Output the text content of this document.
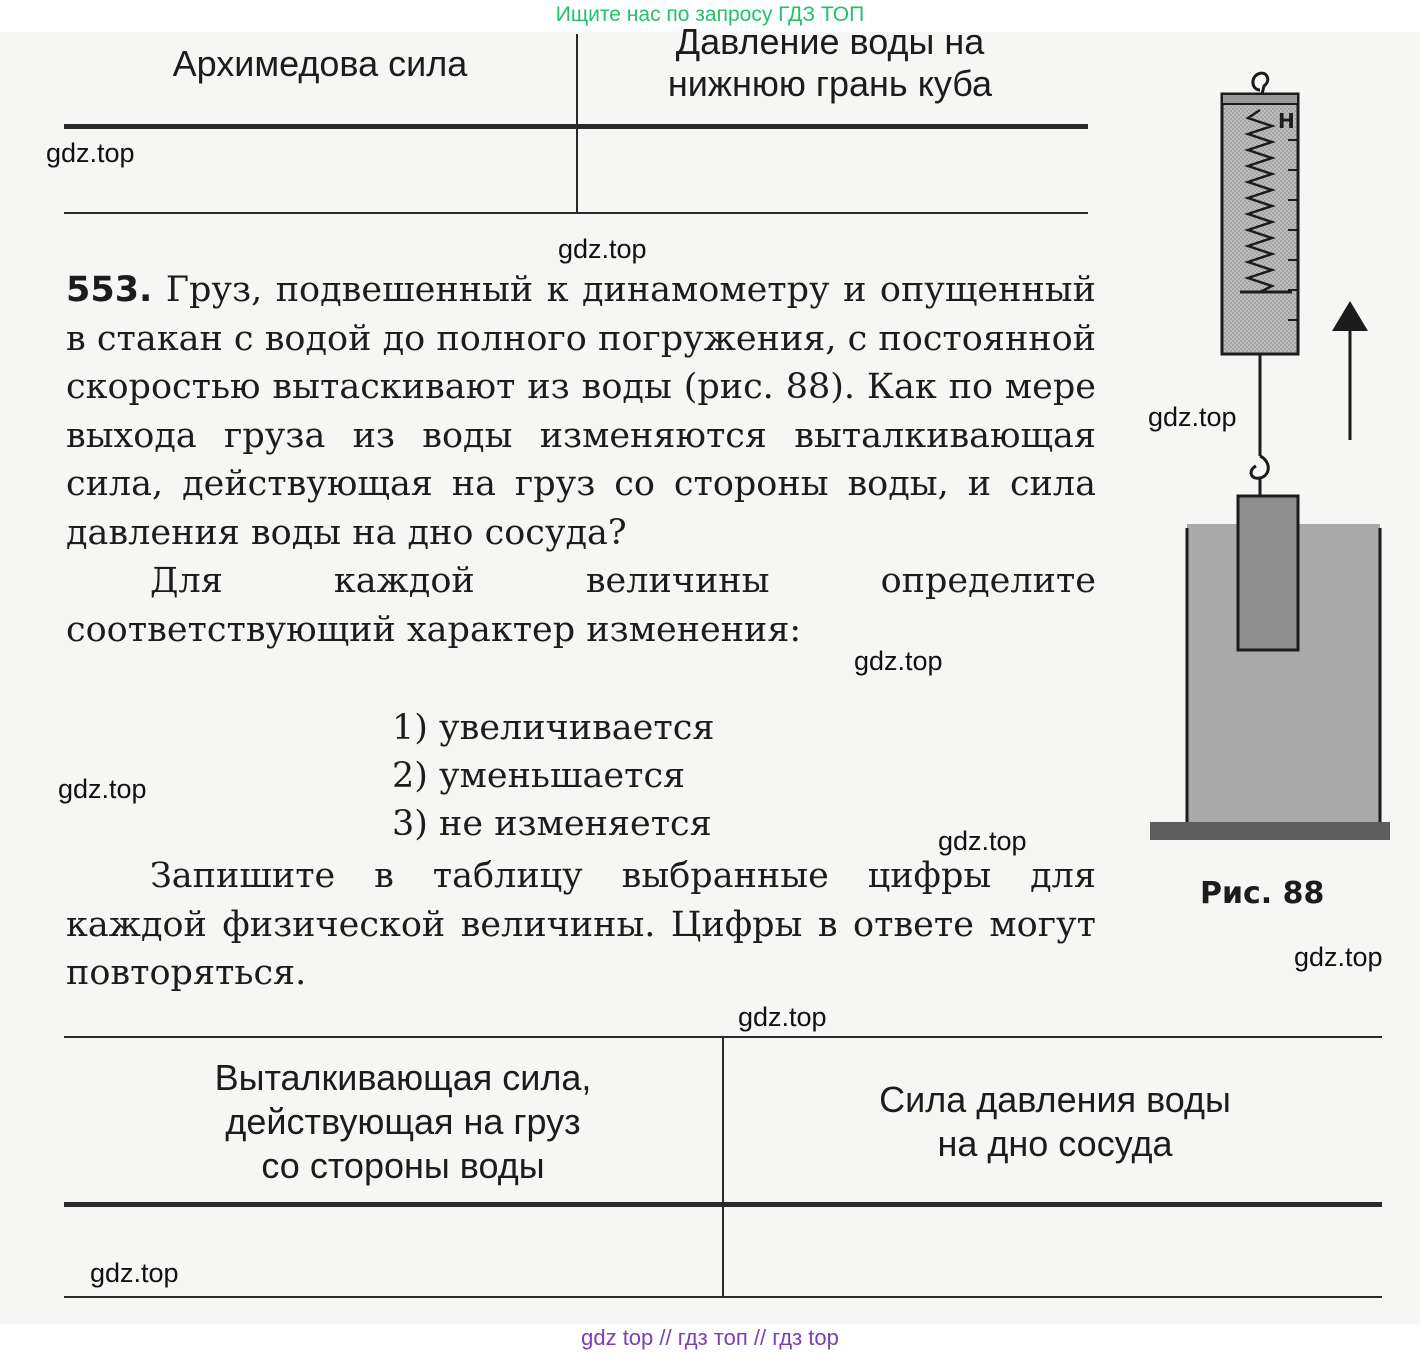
Ищите нас по запросу ГДЗ ТОП
Архимедова сила
Давление воды на
нижнюю грань куба

553. Груз, подвешенный к динамометру и опущенный в стакан с водой до полного погружения, с постоянной скоростью вытаскивают из воды (рис. 88). Как по мере выхода груза из воды изменяются выталкивающая сила, действующая на груз со стороны воды, и сила давления воды на дно сосуда?

Для каждой величины определите соответствующий характер изменения:

1) увеличивается
2) уменьшается
3) не изменяется

Запишите в таблицу выбранные цифры для каждой физической величины. Цифры в ответе могут повторяться.

Н
Рис. 88
Выталкивающая сила,
действующая на груз
со стороны воды
Сила давления воды
на дно сосуда
gdz.top
gdz.top
gdz.top
gdz.top
gdz.top
gdz.top
gdz.top
gdz.top
gdz.top
gdz top // гдз топ // гдз top
